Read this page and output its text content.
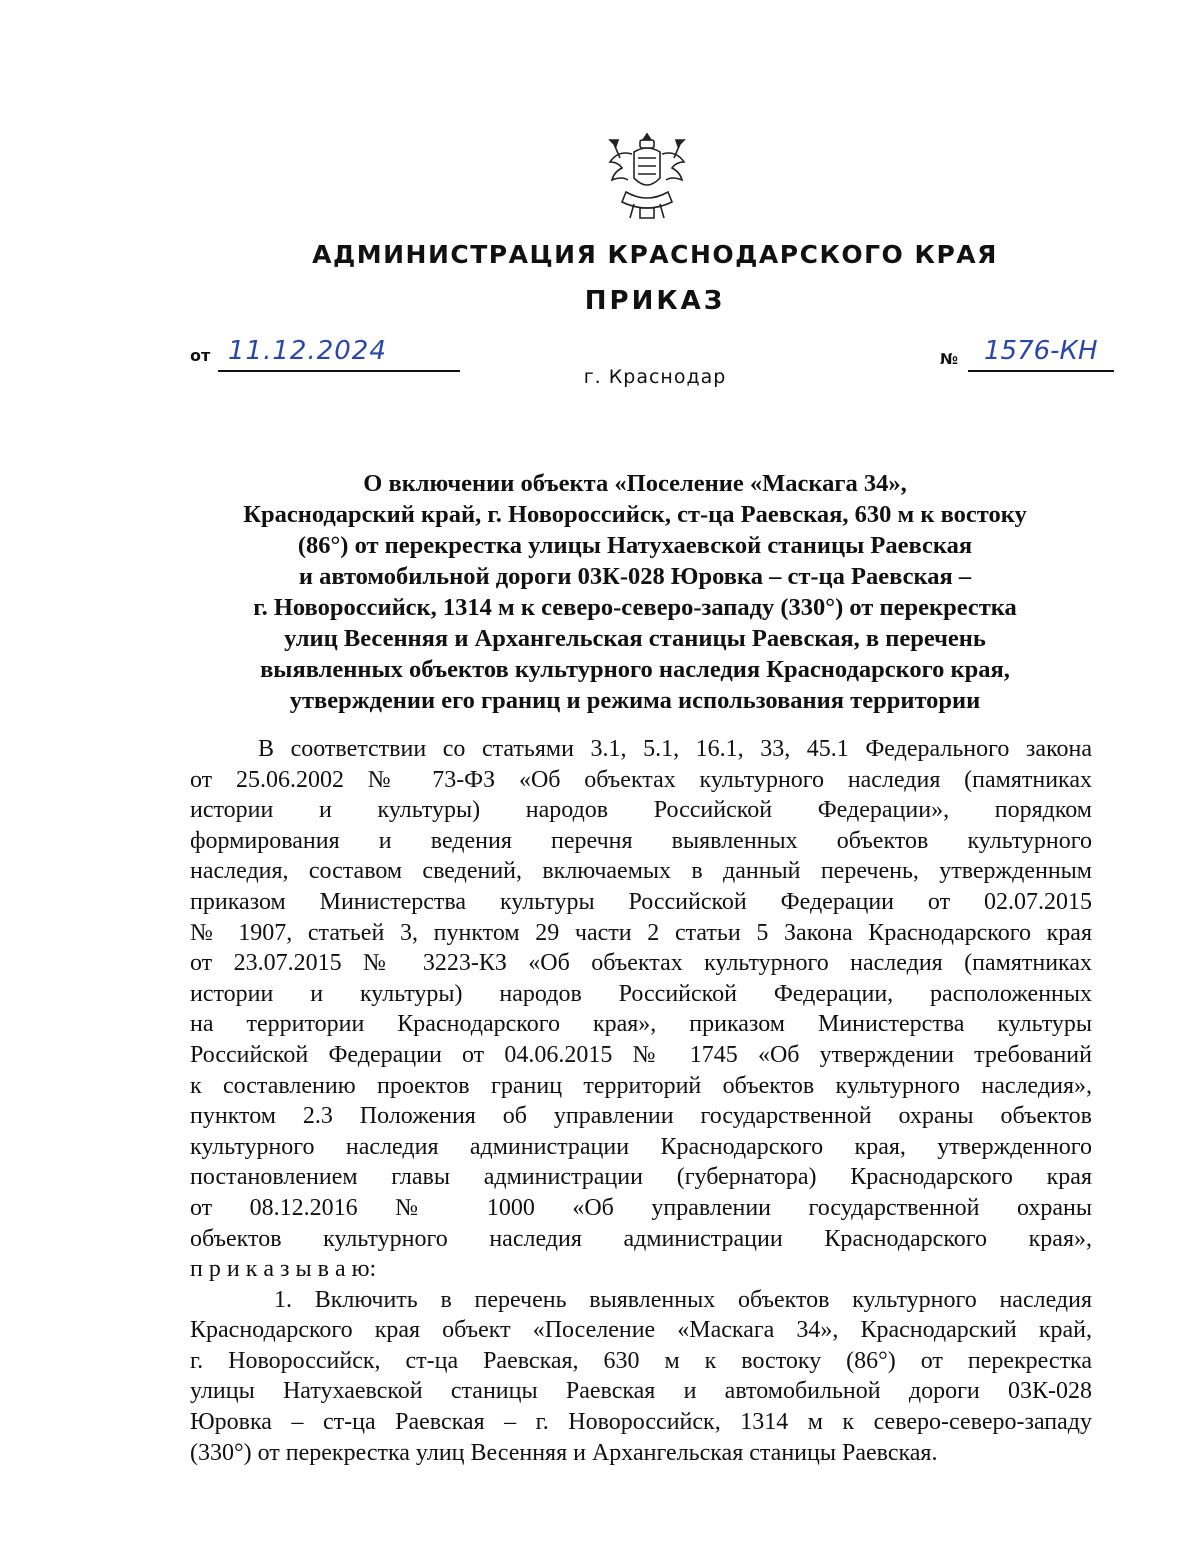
АДМИНИСТРАЦИЯ КРАСНОДАРСКОГО КРАЯ
ПРИКАЗ
от 11.12.2024	№ 1576-КН
г. Краснодар
О включении объекта «Поселение «Маскага 34»,
Краснодарский край, г. Новороссийск, ст-ца Раевская, 630 м к востоку
(86°) от перекрестка улицы Натухаевской станицы Раевская
и автомобильной дороги 03К-028 Юровка – ст-ца Раевская –
г. Новороссийск, 1314 м к северо-северо-западу (330°) от перекрестка
улиц Весенняя и Архангельская станицы Раевская, в перечень
выявленных объектов культурного наследия Краснодарского края,
утверждении его границ и режима использования территории
В соответствии со статьями 3.1, 5.1, 16.1, 33, 45.1 Федерального закона
от 25.06.2002 № 73-ФЗ «Об объектах культурного наследия (памятниках
истории и культуры) народов Российской Федерации», порядком
формирования и ведения перечня выявленных объектов культурного
наследия, составом сведений, включаемых в данный перечень, утвержденным
приказом Министерства культуры Российской Федерации от 02.07.2015
№ 1907, статьей 3, пунктом 29 части 2 статьи 5 Закона Краснодарского края
от 23.07.2015 № 3223-КЗ «Об объектах культурного наследия (памятниках
истории и культуры) народов Российской Федерации, расположенных
на территории Краснодарского края», приказом Министерства культуры
Российской Федерации от 04.06.2015 № 1745 «Об утверждении требований
к составлению проектов границ территорий объектов культурного наследия»,
пунктом 2.3 Положения об управлении государственной охраны объектов
культурного наследия администрации Краснодарского края, утвержденного
постановлением главы администрации (губернатора) Краснодарского края
от 08.12.2016 № 1000 «Об управлении государственной охраны
объектов культурного наследия администрации Краснодарского края»,
п р и к а з ы в а ю:
1. Включить в перечень выявленных объектов культурного наследия
Краснодарского края объект «Поселение «Маскага 34», Краснодарский край,
г. Новороссийск, ст-ца Раевская, 630 м к востоку (86°) от перекрестка
улицы Натухаевской станицы Раевская и автомобильной дороги 03К-028
Юровка – ст-ца Раевская – г. Новороссийск, 1314 м к северо-северо-западу
(330°) от перекрестка улиц Весенняя и Архангельская станицы Раевская.
